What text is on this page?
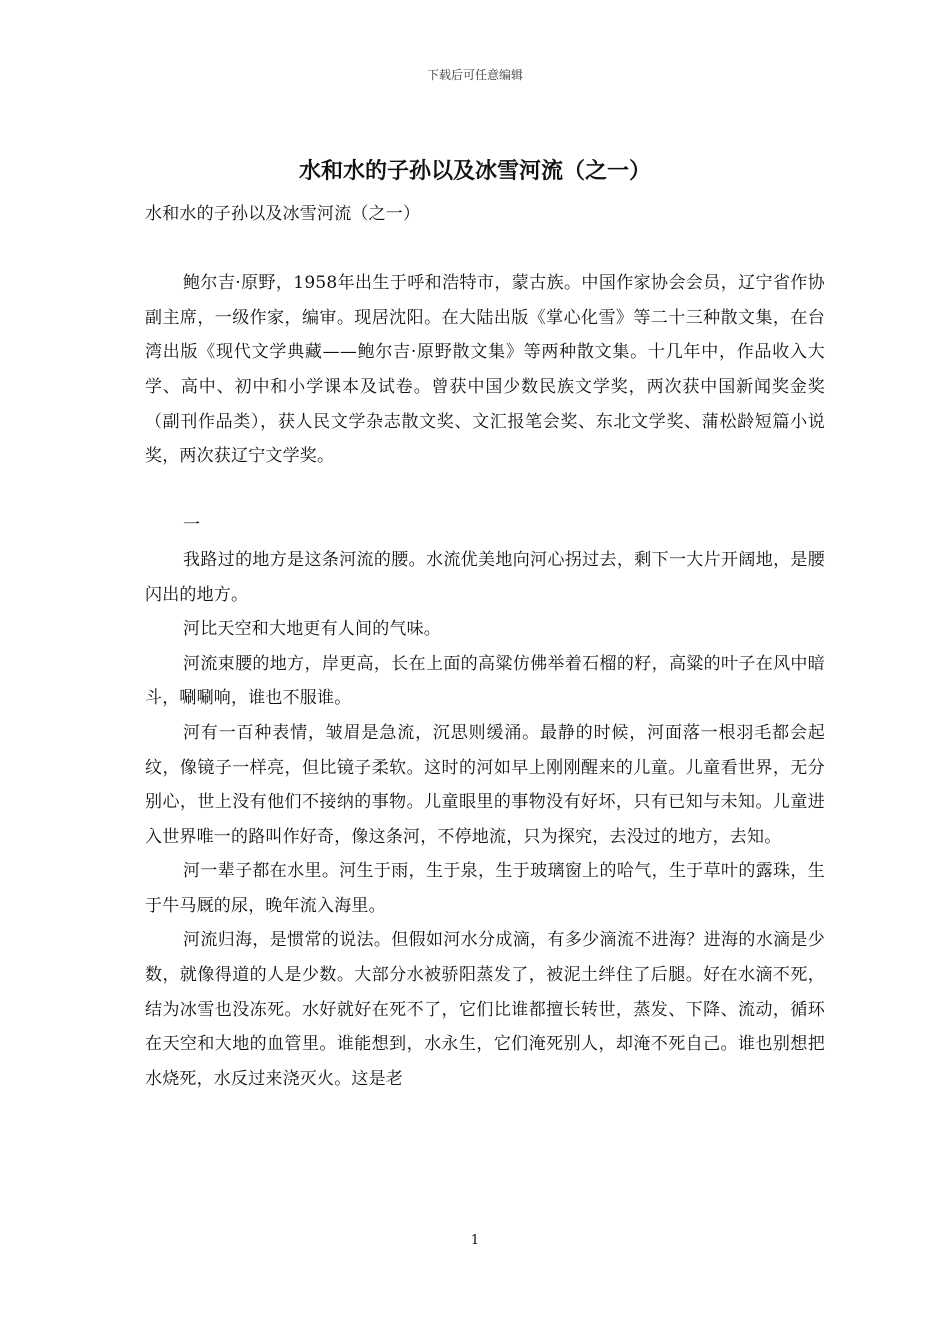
下载后可任意编辑
水和水的子孙以及冰雪河流（之一）

水和水的子孙以及冰雪河流（之一）

鲍尔吉·原野，1958年出生于呼和浩特市，蒙古族。中国作家协会会员，辽宁省作协副主席，一级作家，编审。现居沈阳。在大陆出版《掌心化雪》等二十三种散文集，在台湾出版《现代文学典藏——鲍尔吉·原野散文集》等两种散文集。十几年中，作品收入大学、高中、初中和小学课本及试卷。曾获中国少数民族文学奖，两次获中国新闻奖金奖（副刊作品类），获人民文学杂志散文奖、文汇报笔会奖、东北文学奖、蒲松龄短篇小说奖，两次获辽宁文学奖。

一

我路过的地方是这条河流的腰。水流优美地向河心拐过去，剩下一大片开阔地，是腰闪出的地方。

河比天空和大地更有人间的气味。

河流束腰的地方，岸更高，长在上面的高粱仿佛举着石榴的籽，高粱的叶子在风中暗斗，唰唰响，谁也不服谁。

河有一百种表情，皱眉是急流，沉思则缓涌。最静的时候，河面落一根羽毛都会起纹，像镜子一样亮，但比镜子柔软。这时的河如早上刚刚醒来的儿童。儿童看世界，无分别心，世上没有他们不接纳的事物。儿童眼里的事物没有好坏，只有已知与未知。儿童进入世界唯一的路叫作好奇，像这条河，不停地流，只为探究，去没过的地方，去知。

河一辈子都在水里。河生于雨，生于泉，生于玻璃窗上的哈气，生于草叶的露珠，生于牛马厩的尿，晚年流入海里。

河流归海，是惯常的说法。但假如河水分成滴，有多少滴流不进海？进海的水滴是少数，就像得道的人是少数。大部分水被骄阳蒸发了，被泥土绊住了后腿。好在水滴不死，结为冰雪也没冻死。水好就好在死不了，它们比谁都擅长转世，蒸发、下降、流动，循环在天空和大地的血管里。谁能想到，水永生，它们淹死别人，却淹不死自己。谁也别想把水烧死，水反过来浇灭火。这是老

1
